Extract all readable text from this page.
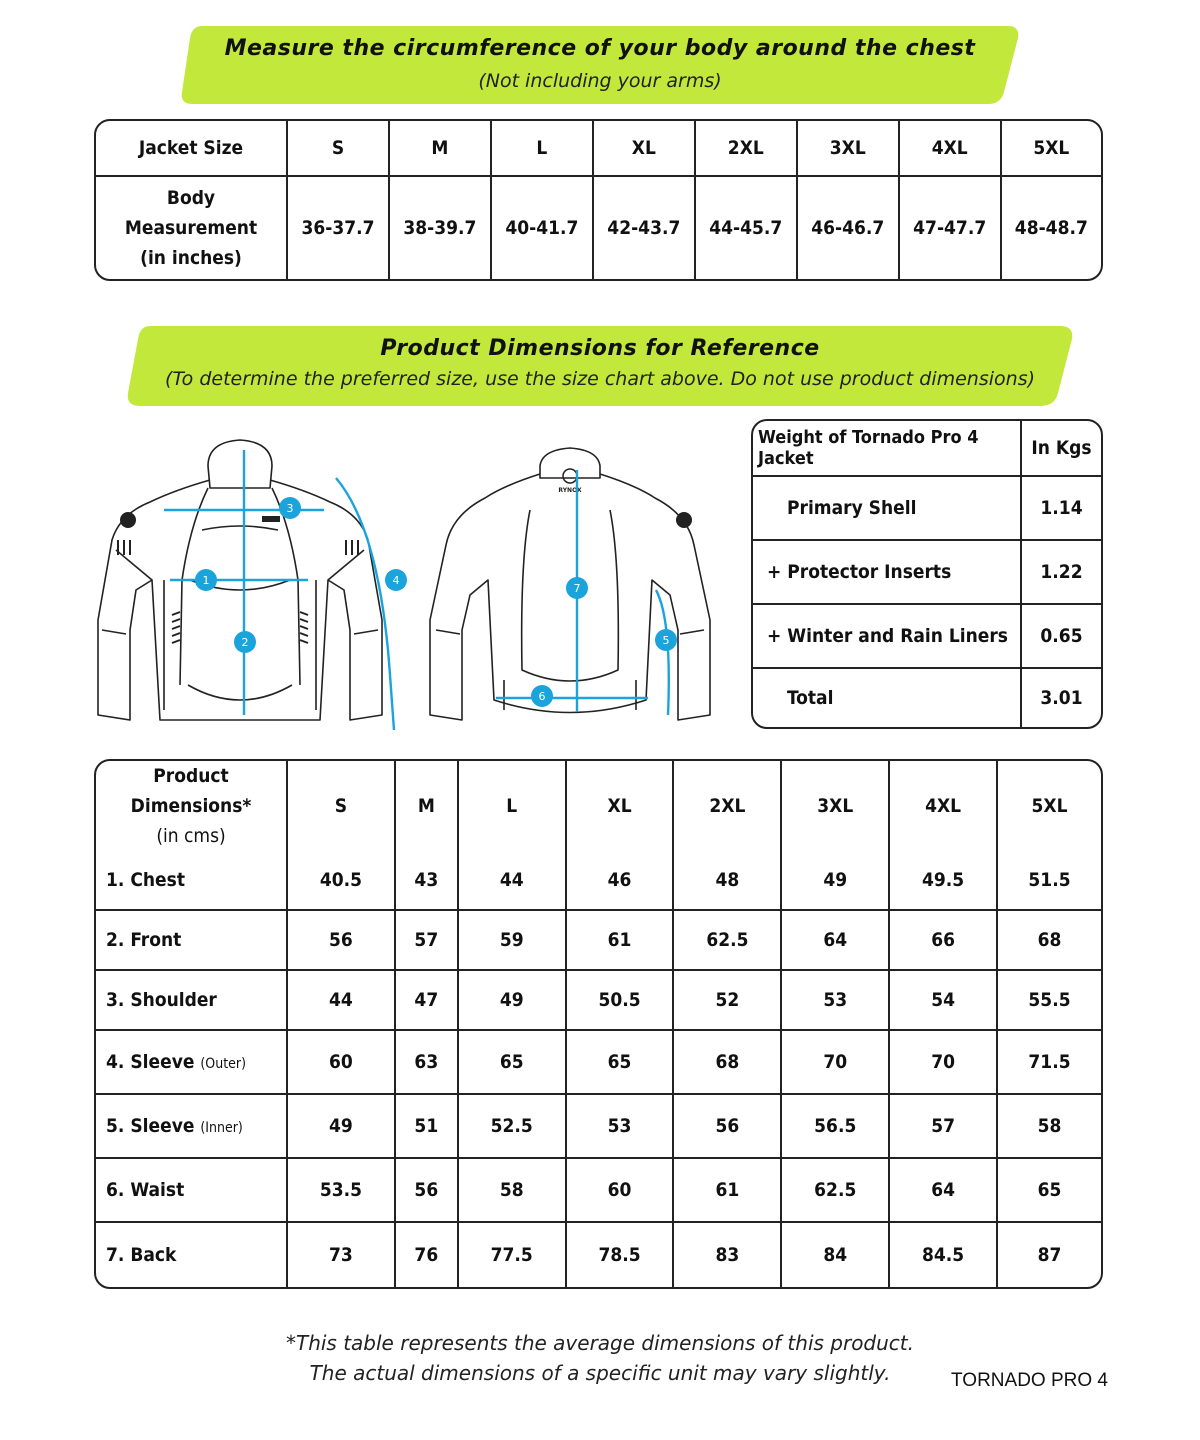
Measure the circumference of your body around the chest
(Not including your arms)
Jacket Size	S	M	L	XL	2XL	3XL	4XL	5XL

Body
Measurement
(in inches)	36-37.7	38-39.7	40-41.7	42-43.7	44-45.7	46-46.7	47-47.7	48-48.7
Product Dimensions for Reference
(To determine the preferred size, use the size chart above. Do not use product dimensions)
RYNOX
1
2
3
4
5
6
7
Weight of Tornado Pro 4 Jacket	In Kgs
Primary Shell	1.14
+ Protector Inserts	1.22
+ Winter and Rain Liners	0.65
Total	3.01
Product Dimensions*
(in cms)	S	M	L	XL	2XL	3XL	4XL	5XL
1. Chest	40.5	43	44	46	48	49	49.5	51.5
2. Front	56	57	59	61	62.5	64	66	68
3. Shoulder	44	47	49	50.5	52	53	54	55.5
4. Sleeve (Outer)	60	63	65	65	68	70	70	71.5
5. Sleeve (Inner)	49	51	52.5	53	56	56.5	57	58
6. Waist	53.5	56	58	60	61	62.5	64	65
7. Back	73	76	77.5	78.5	83	84	84.5	87
*This table represents the average dimensions of this product.
The actual dimensions of a specific unit may vary slightly.	TORNADO PRO 4
